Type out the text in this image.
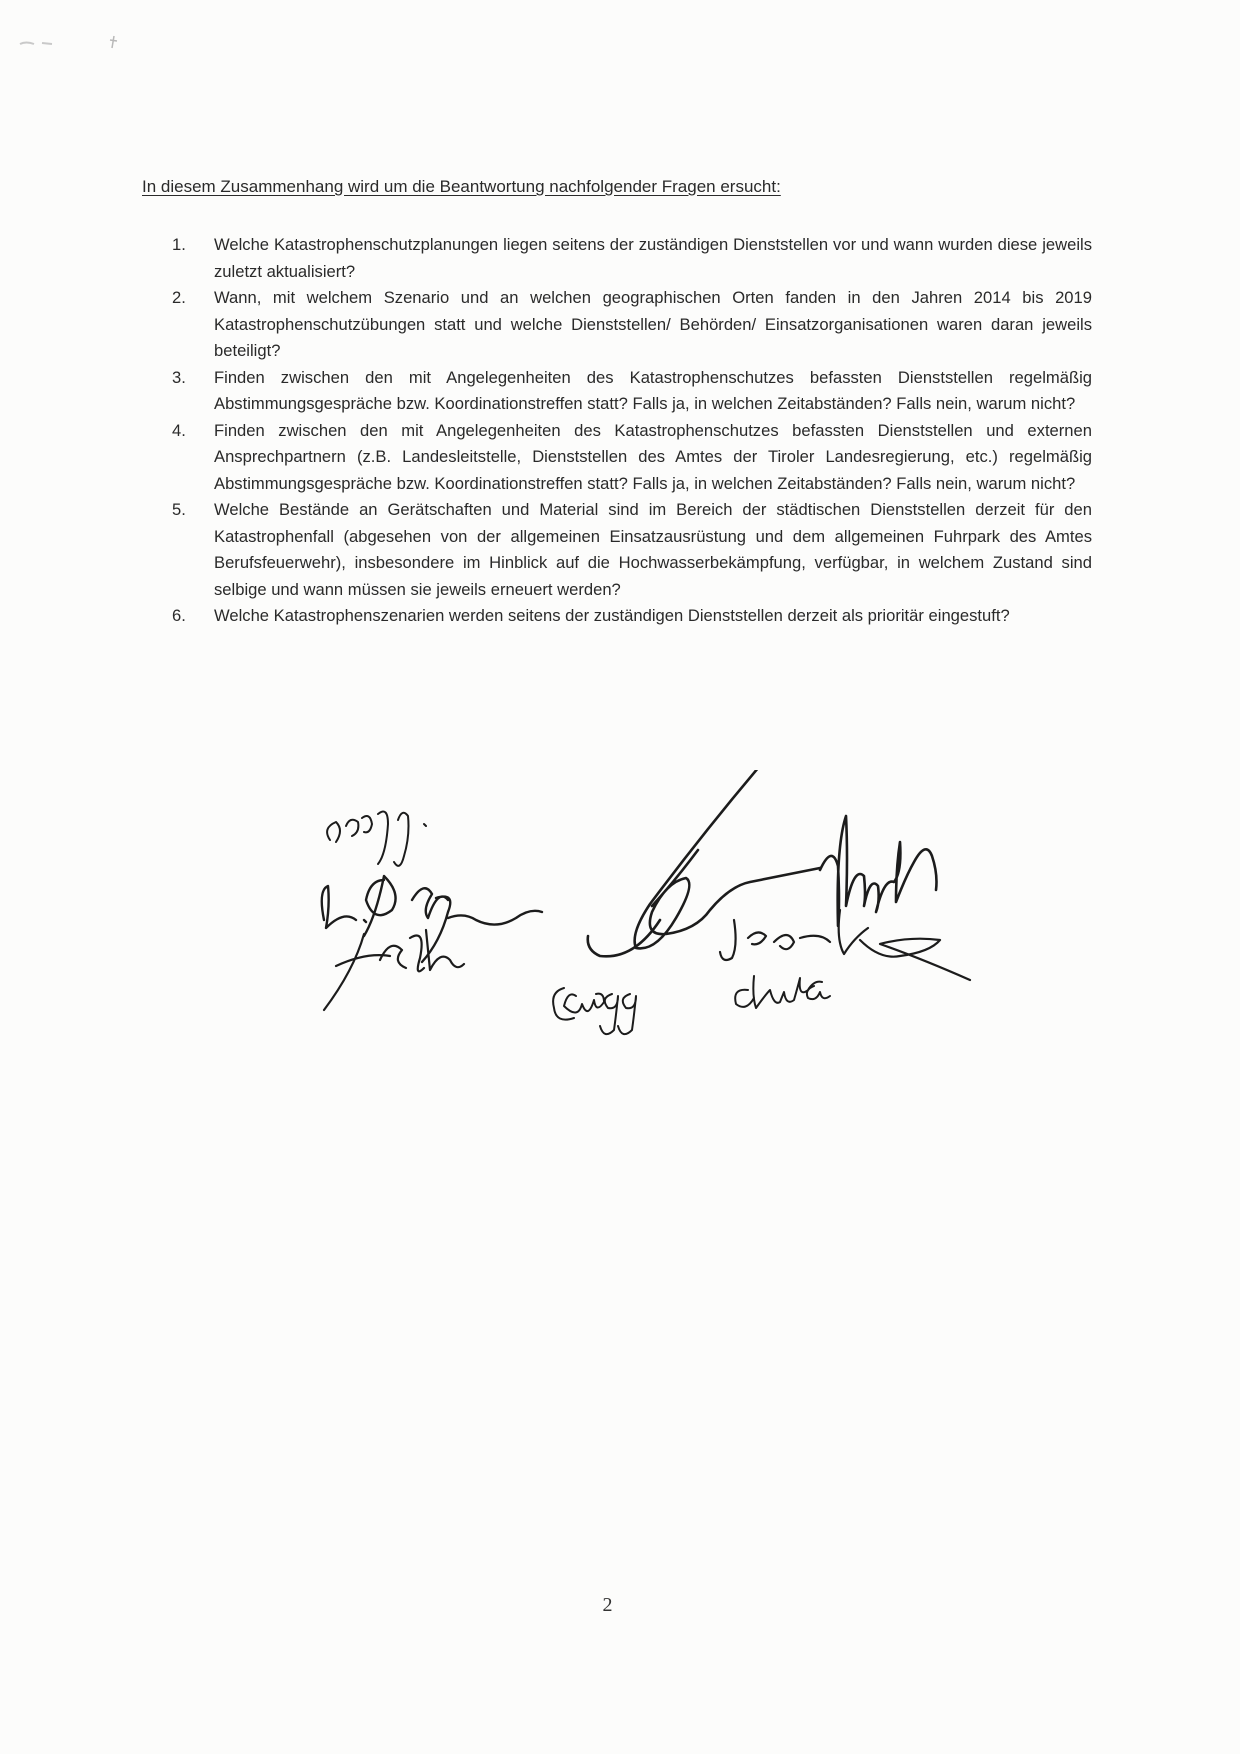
In diesem Zusammenhang wird um die Beantwortung nachfolgender Fragen ersucht:
1.	Welche Katastrophenschutzplanungen liegen seitens der zuständigen Dienststellen vor und wann wurden diese jeweils zuletzt aktualisiert?
2.	Wann, mit welchem Szenario und an welchen geographischen Orten fanden in den Jahren 2014 bis 2019 Katastrophenschutzübungen statt und welche Dienststellen/ Behörden/ Einsatzorganisationen waren daran jeweils beteiligt?
3.	Finden zwischen den mit Angelegenheiten des Katastrophenschutzes befassten Dienststellen regelmäßig Abstimmungsgespräche bzw. Koordinationstreffen statt? Falls ja, in welchen Zeitabständen? Falls nein, warum nicht?
4.	Finden zwischen den mit Angelegenheiten des Katastrophenschutzes befassten Dienststellen und externen Ansprechpartnern (z.B. Landesleitstelle, Dienststellen des Amtes der Tiroler Landesregierung, etc.) regelmäßig Abstimmungsgespräche bzw. Koordinationstreffen statt? Falls ja, in welchen Zeitabständen? Falls nein, warum nicht?
5.	Welche Bestände an Gerätschaften und Material sind im Bereich der städtischen Dienststellen derzeit für den Katastrophenfall (abgesehen von der allgemeinen Einsatzausrüstung und dem allgemeinen Fuhrpark des Amtes Berufsfeuerwehr), insbesondere im Hinblick auf die Hochwasserbekämpfung, verfügbar, in welchem Zustand sind selbige und wann müssen sie jeweils erneuert werden?
6.	Welche Katastrophenszenarien werden seitens der zuständigen Dienststellen derzeit als prioritär eingestuft?
2
